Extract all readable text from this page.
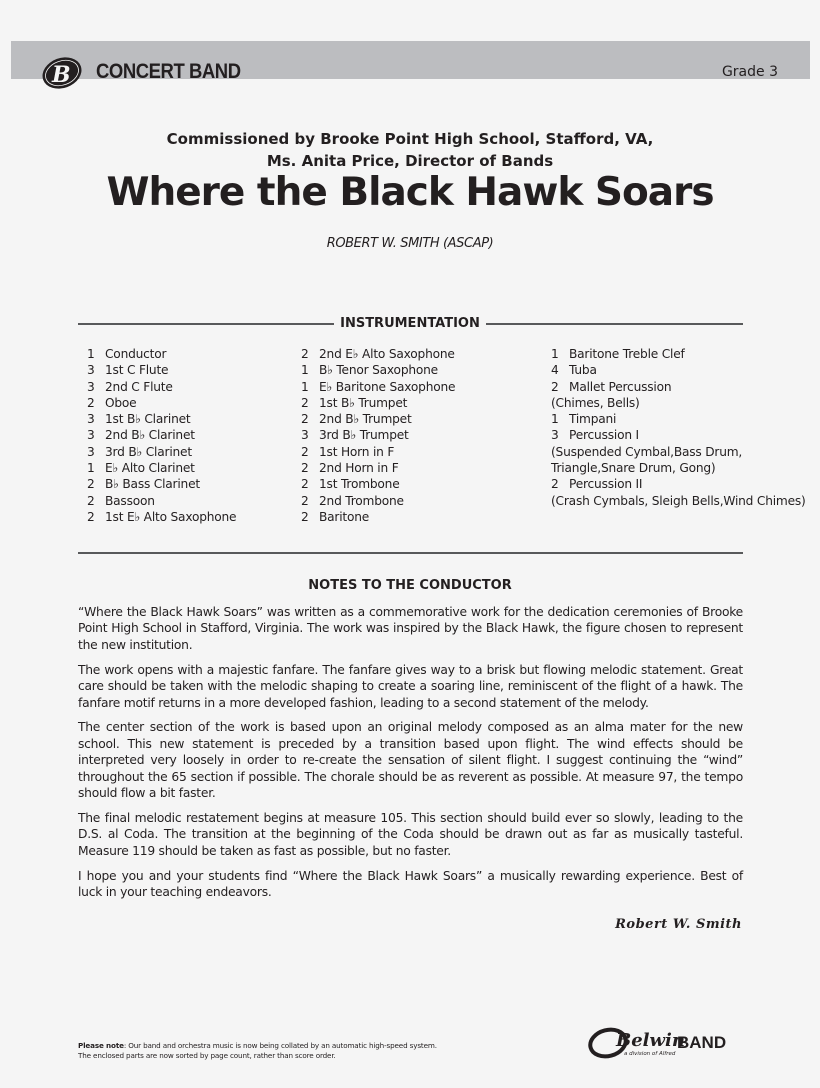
B CONCERT BAND	Grade 3
Commissioned by Brooke Point High School, Stafford, VA,
Ms. Anita Price, Director of Bands
Where the Black Hawk Soars
ROBERT W. SMITH (ASCAP)
INSTRUMENTATION
1 Conductor
3 1st C Flute
3 2nd C Flute
2 Oboe
3 1st B♭ Clarinet
3 2nd B♭ Clarinet
3 3rd B♭ Clarinet
1 E♭ Alto Clarinet
2 B♭ Bass Clarinet
2 Bassoon
2 1st E♭ Alto Saxophone
2 2nd E♭ Alto Saxophone
1 B♭ Tenor Saxophone
1 E♭ Baritone Saxophone
2 1st B♭ Trumpet
2 2nd B♭ Trumpet
3 3rd B♭ Trumpet
2 1st Horn in F
2 2nd Horn in F
2 1st Trombone
2 2nd Trombone
2 Baritone
1 Baritone Treble Clef
4 Tuba
2 Mallet Percussion
(Chimes, Bells)
1 Timpani
3 Percussion I
(Suspended Cymbal,Bass Drum, Triangle,Snare Drum, Gong)
2 Percussion II
(Crash Cymbals, Sleigh Bells,Wind Chimes)
NOTES TO THE CONDUCTOR

“Where the Black Hawk Soars” was written as a commemorative work for the dedication ceremonies of Brooke Point High School in Stafford, Virginia. The work was inspired by the Black Hawk, the figure chosen to represent the new institution.

The work opens with a majestic fanfare. The fanfare gives way to a brisk but flowing melodic statement. Great care should be taken with the melodic shaping to create a soaring line, reminiscent of the flight of a hawk. The fanfare motif returns in a more developed fashion, leading to a second statement of the melody.

The center section of the work is based upon an original melody composed as an alma mater for the new school. This new statement is preceded by a transition based upon flight. The wind effects should be interpreted very loosely in order to re-create the sensation of silent flight. I suggest continuing the “wind” throughout the 65 section if possible. The chorale should be as reverent as possible. At measure 97, the tempo should flow a bit faster.

The final melodic restatement begins at measure 105. This section should build ever so slowly, leading to the D.S. al Coda. The transition at the beginning of the Coda should be drawn out as far as musically tasteful. Measure 119 should be taken as fast as possible, but no faster.

I hope you and your students find “Where the Black Hawk Soars” a musically rewarding experience. Best of luck in your teaching endeavors.

Robert W. Smith
Please note: Our band and orchestra music is now being collated by an automatic high-speed system.
The enclosed parts are now sorted by page count, rather than score order.
Belwin
BAND
a division of Alfred
